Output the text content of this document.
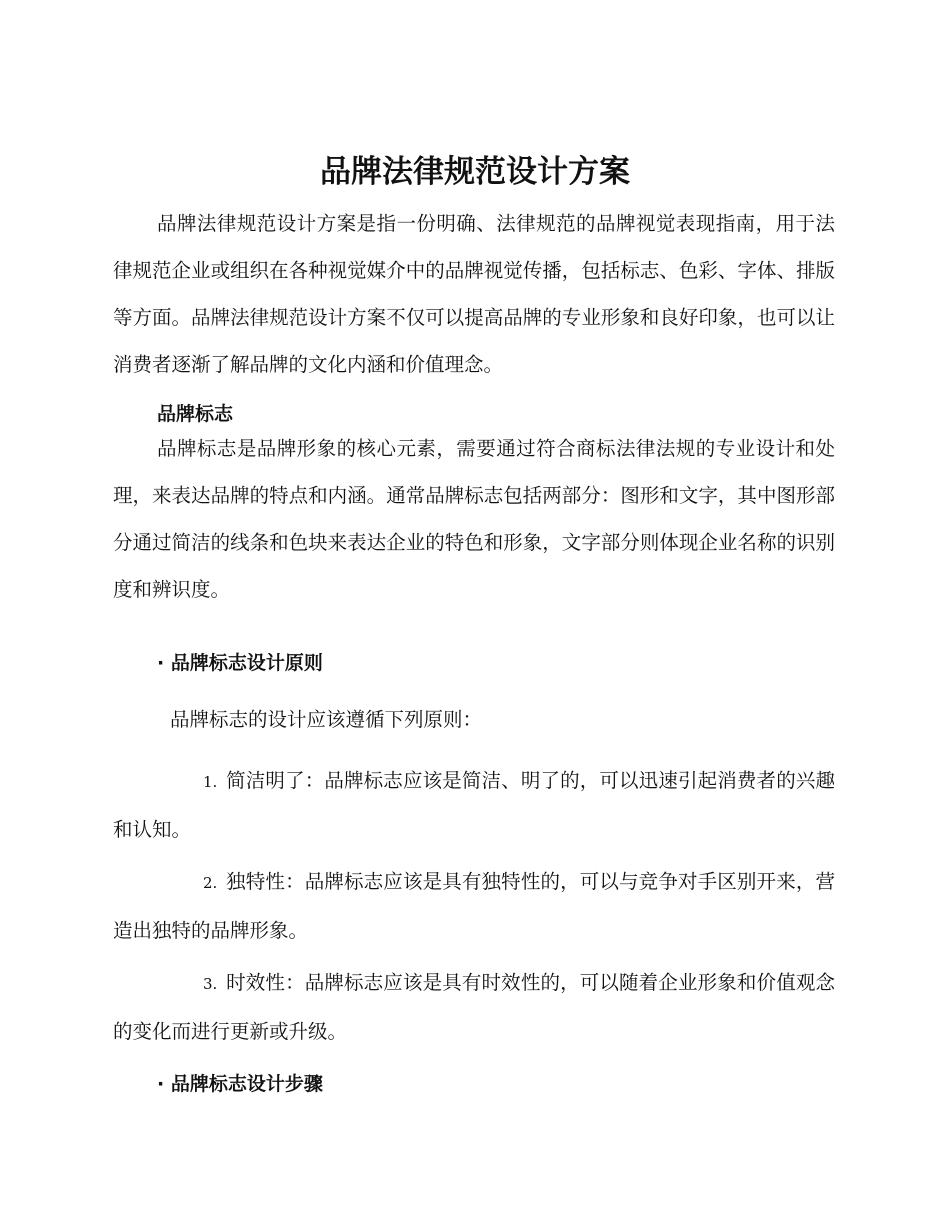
品牌法律规范设计方案

品牌法律规范设计方案是指一份明确、法律规范的品牌视觉表现指南，用于法律规范企业或组织在各种视觉媒介中的品牌视觉传播，包括标志、色彩、字体、排版等方面。品牌法律规范设计方案不仅可以提高品牌的专业形象和良好印象，也可以让消费者逐渐了解品牌的文化内涵和价值理念。

品牌标志

品牌标志是品牌形象的核心元素，需要通过符合商标法律法规的专业设计和处理，来表达品牌的特点和内涵。通常品牌标志包括两部分：图形和文字，其中图形部分通过简洁的线条和色块来表达企业的特色和形象，文字部分则体现企业名称的识别度和辨识度。

· 品牌标志设计原则

品牌标志的设计应该遵循下列原则：

1. 简洁明了：品牌标志应该是简洁、明了的，可以迅速引起消费者的兴趣和认知。

2. 独特性：品牌标志应该是具有独特性的，可以与竞争对手区别开来，营造出独特的品牌形象。

3. 时效性：品牌标志应该是具有时效性的，可以随着企业形象和价值观念的变化而进行更新或升级。

· 品牌标志设计步骤
